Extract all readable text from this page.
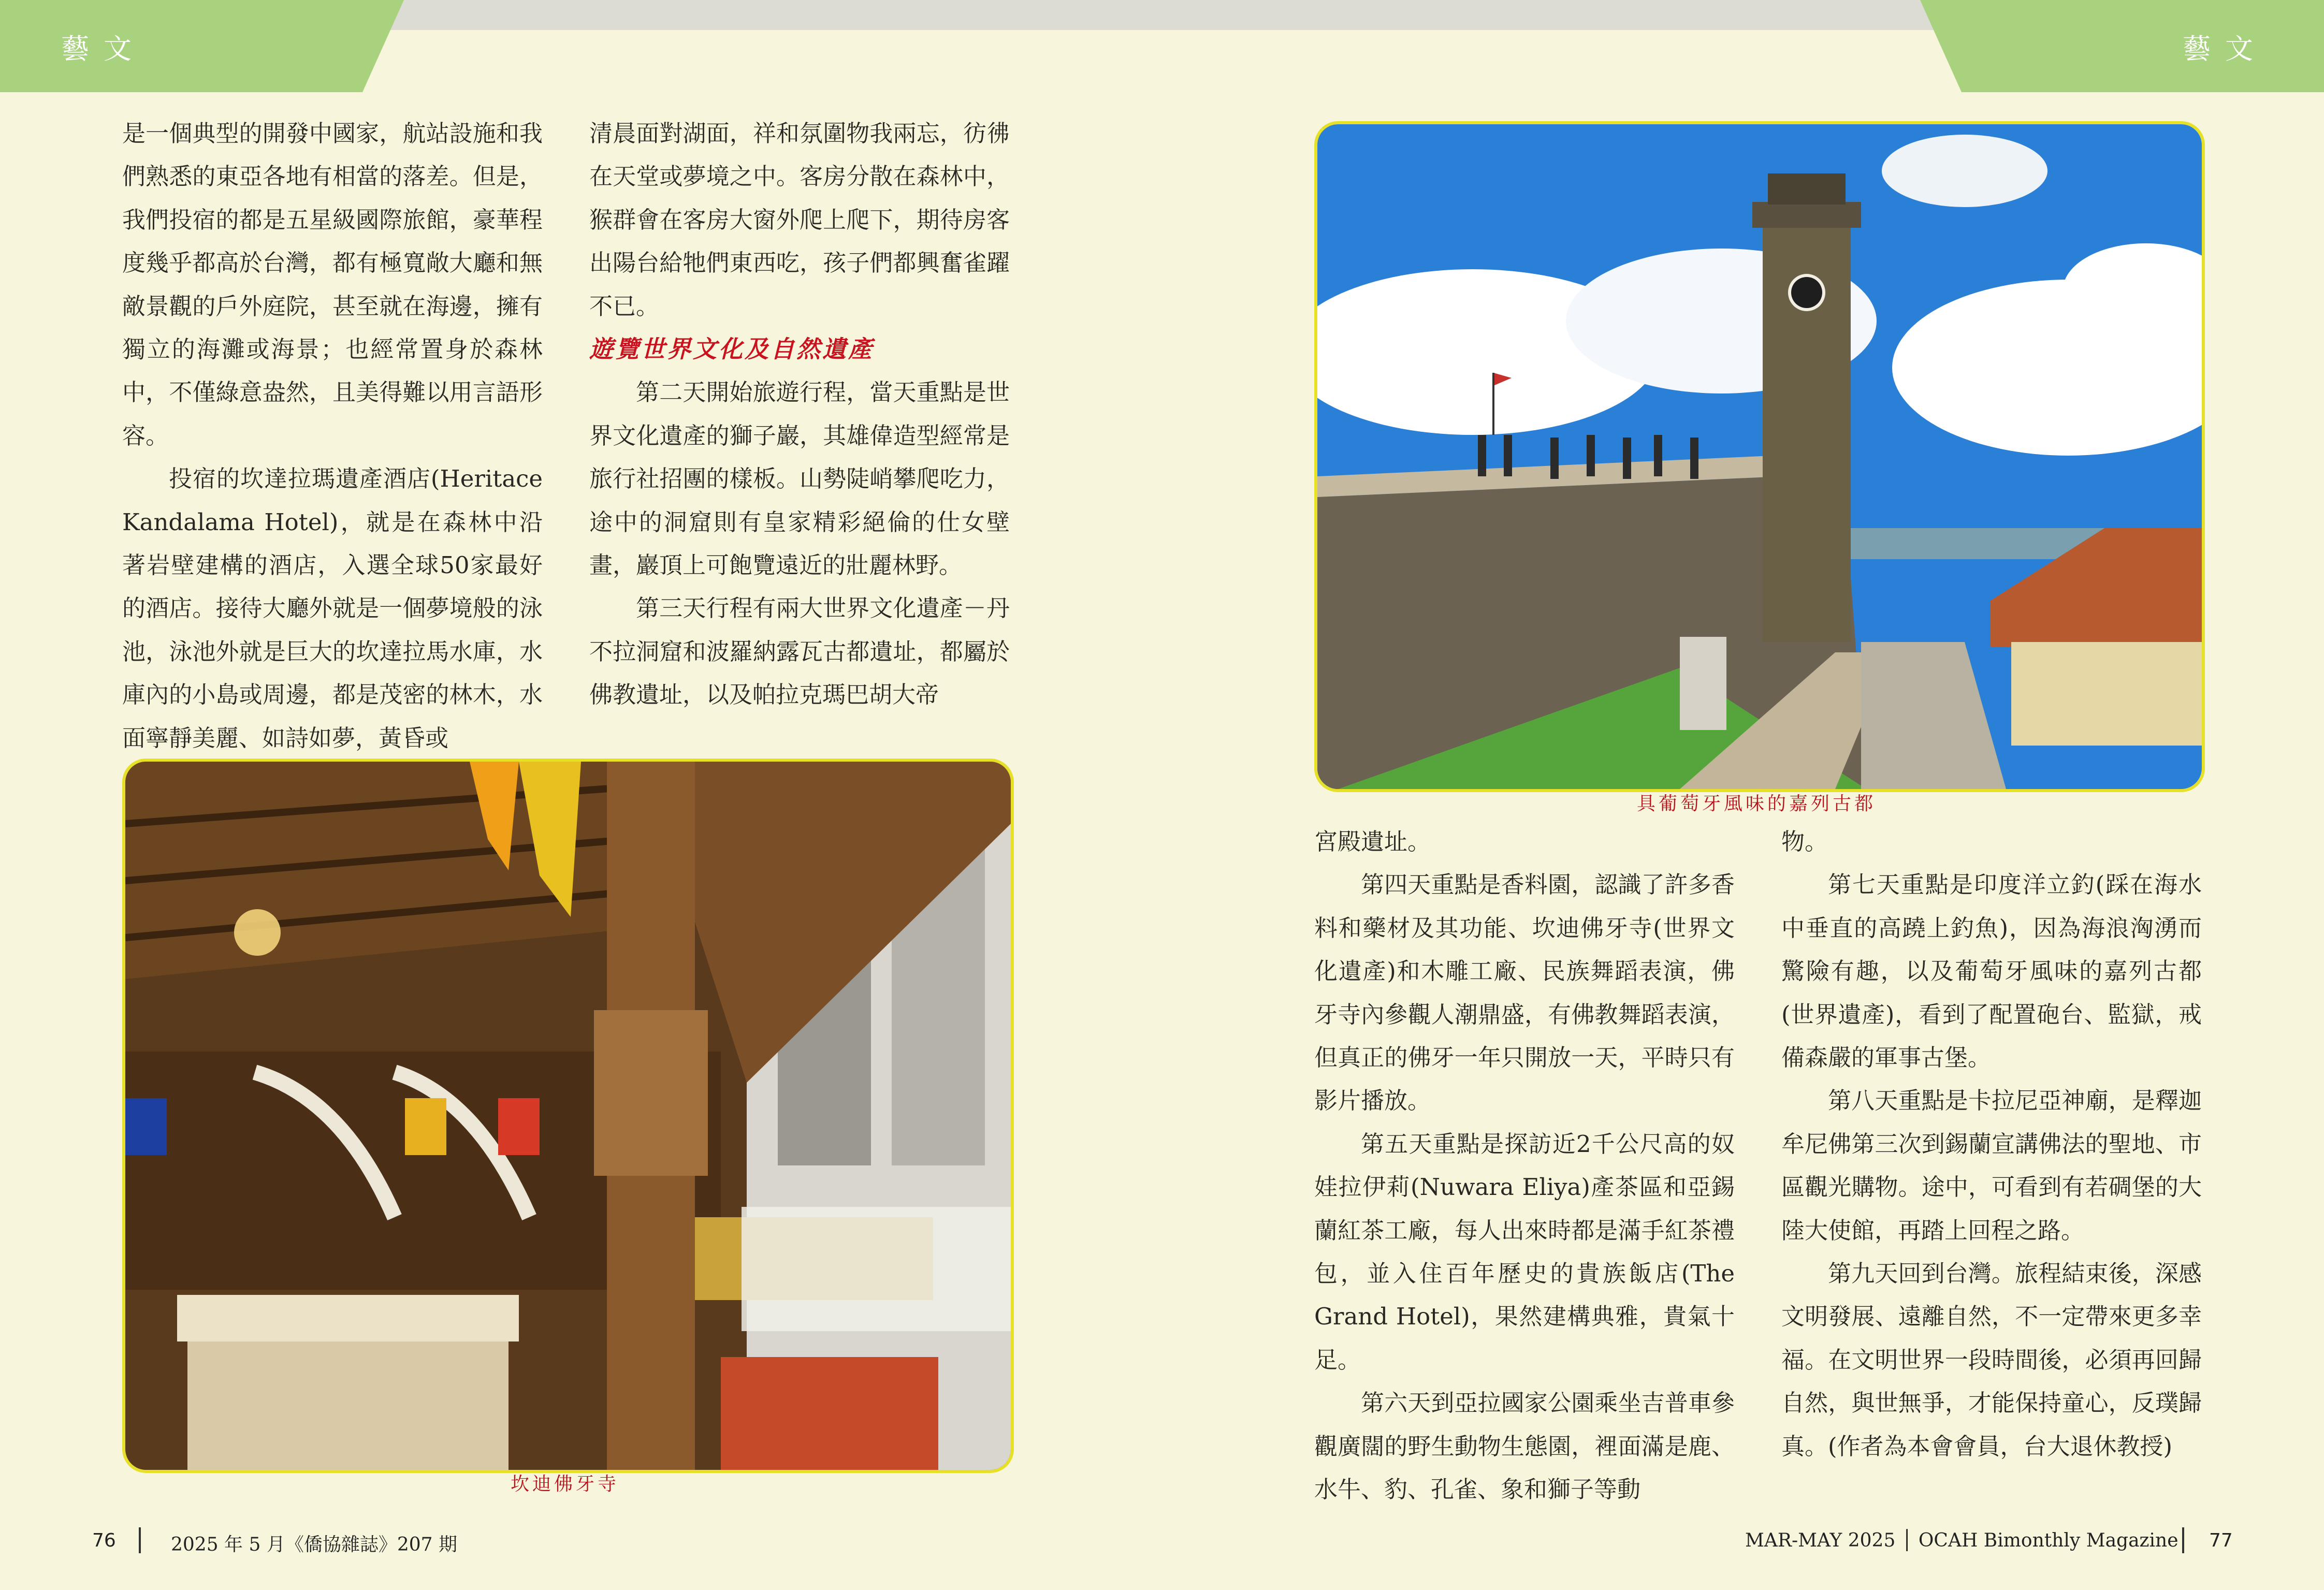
藝文	藝文

是一個典型的開發中國家，航站設施和我們熟悉的東亞各地有相當的落差。但是，我們投宿的都是五星級國際旅館，豪華程度幾乎都高於台灣，都有極寬敞大廳和無敵景觀的戶外庭院，甚至就在海邊，擁有獨立的海灘或海景；也經常置身於森林中，不僅綠意盎然，且美得難以用言語形容。

投宿的坎達拉瑪遺產酒店(Heritace Kandalama Hotel)，就是在森林中沿著岩壁建構的酒店，入選全球50家最好的酒店。接待大廳外就是一個夢境般的泳池，泳池外就是巨大的坎達拉馬水庫，水庫內的小島或周邊，都是茂密的林木，水面寧靜美麗、如詩如夢，黃昏或

清晨面對湖面，祥和氛圍物我兩忘，彷彿在天堂或夢境之中。客房分散在森林中，猴群會在客房大窗外爬上爬下，期待房客出陽台給牠們東西吃，孩子們都興奮雀躍不已。

遊覽世界文化及自然遺產

第二天開始旅遊行程，當天重點是世界文化遺產的獅子巖，其雄偉造型經常是旅行社招團的樣板。山勢陡峭攀爬吃力，途中的洞窟則有皇家精彩絕倫的仕女壁畫，巖頂上可飽覽遠近的壯麗林野。

第三天行程有兩大世界文化遺產－丹不拉洞窟和波羅納露瓦古都遺址，都屬於佛教遺址，以及帕拉克瑪巴胡大帝

坎迪佛牙寺
具葡萄牙風味的嘉列古都

宮殿遺址。

第四天重點是香料園，認識了許多香料和藥材及其功能、坎迪佛牙寺(世界文化遺產)和木雕工廠、民族舞蹈表演，佛牙寺內參觀人潮鼎盛，有佛教舞蹈表演，但真正的佛牙一年只開放一天，平時只有影片播放。

第五天重點是探訪近2千公尺高的奴娃拉伊莉(Nuwara Eliya)產茶區和亞錫蘭紅茶工廠，每人出來時都是滿手紅茶禮包，並入住百年歷史的貴族飯店(The Grand Hotel)，果然建構典雅，貴氣十足。

第六天到亞拉國家公園乘坐吉普車參觀廣闊的野生動物生態園，裡面滿是鹿、水牛、豹、孔雀、象和獅子等動

物。

第七天重點是印度洋立釣(踩在海水中垂直的高蹺上釣魚)，因為海浪洶湧而驚險有趣，以及葡萄牙風味的嘉列古都(世界遺產)，看到了配置砲台、監獄，戒備森嚴的軍事古堡。

第八天重點是卡拉尼亞神廟，是釋迦牟尼佛第三次到錫蘭宣講佛法的聖地、市區觀光購物。途中，可看到有若碉堡的大陸大使館，再踏上回程之路。

第九天回到台灣。旅程結束後，深感文明發展、遠離自然，不一定帶來更多幸福。在文明世界一段時間後，必須再回歸自然，與世無爭，才能保持童心，反璞歸真。(作者為本會會員，台大退休教授)

76	2025 年 5 月《僑協雜誌》207 期	MAR-MAY 2025 │ OCAH Bimonthly Magazine 77
